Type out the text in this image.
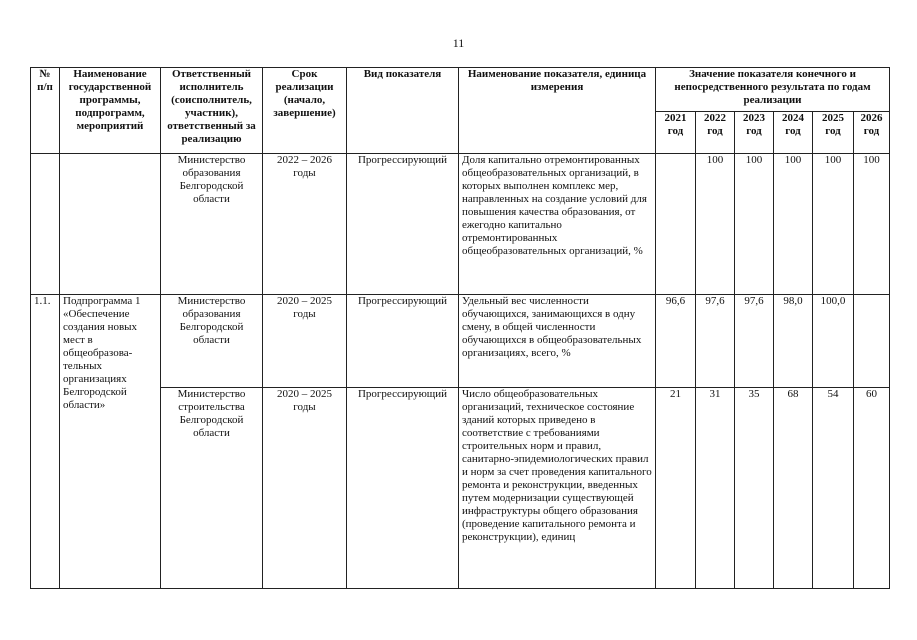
11
№ п/п	Наименование государственной программы, подпрограмм, мероприятий	Ответственный исполнитель (соисполнитель, участник), ответственный за реализацию	Срок реализации (начало, завершение)	Вид показателя	Наименование показателя, единица измерения	Значение показателя конечного и непосредственного результата по годам реализации					
						2021 год	2022 год	2023 год	2024 год	2025 год	2026 год
		Министерство образования Белгородской области	2022 – 2026 годы	Прогрессирующий	Доля капитально отремонтированных общеобразовательных организаций, в которых выполнен комплекс мер, направленных на создание условий для повышения качества образования, от ежегодно капитально отремонтированных общеобразовательных организаций, %		100	100	100	100	100
1.1.	Подпрограмма 1 «Обеспечение создания новых мест в общеобразова-тельных организациях Белгородской области»	Министерство образования Белгородской области	2020 – 2025 годы	Прогрессирующий	Удельный вес численности обучающихся, занимающихся в одну смену, в общей численности обучающихся в общеобразовательных организациях, всего, %	96,6	97,6	97,6	98,0	100,0	
		Министерство строительства Белгородской области	2020 – 2025 годы	Прогрессирующий	Число общеобразовательных организаций, техническое состояние зданий которых приведено в соответствие с требованиями строительных норм и правил, санитарно-эпидемиологических правил и норм за счет проведения капитального ремонта и реконструкции, введенных путем модернизации существующей инфраструктуры общего образования (проведение капитального ремонта и реконструкции), единиц	21	31	35	68	54	60
